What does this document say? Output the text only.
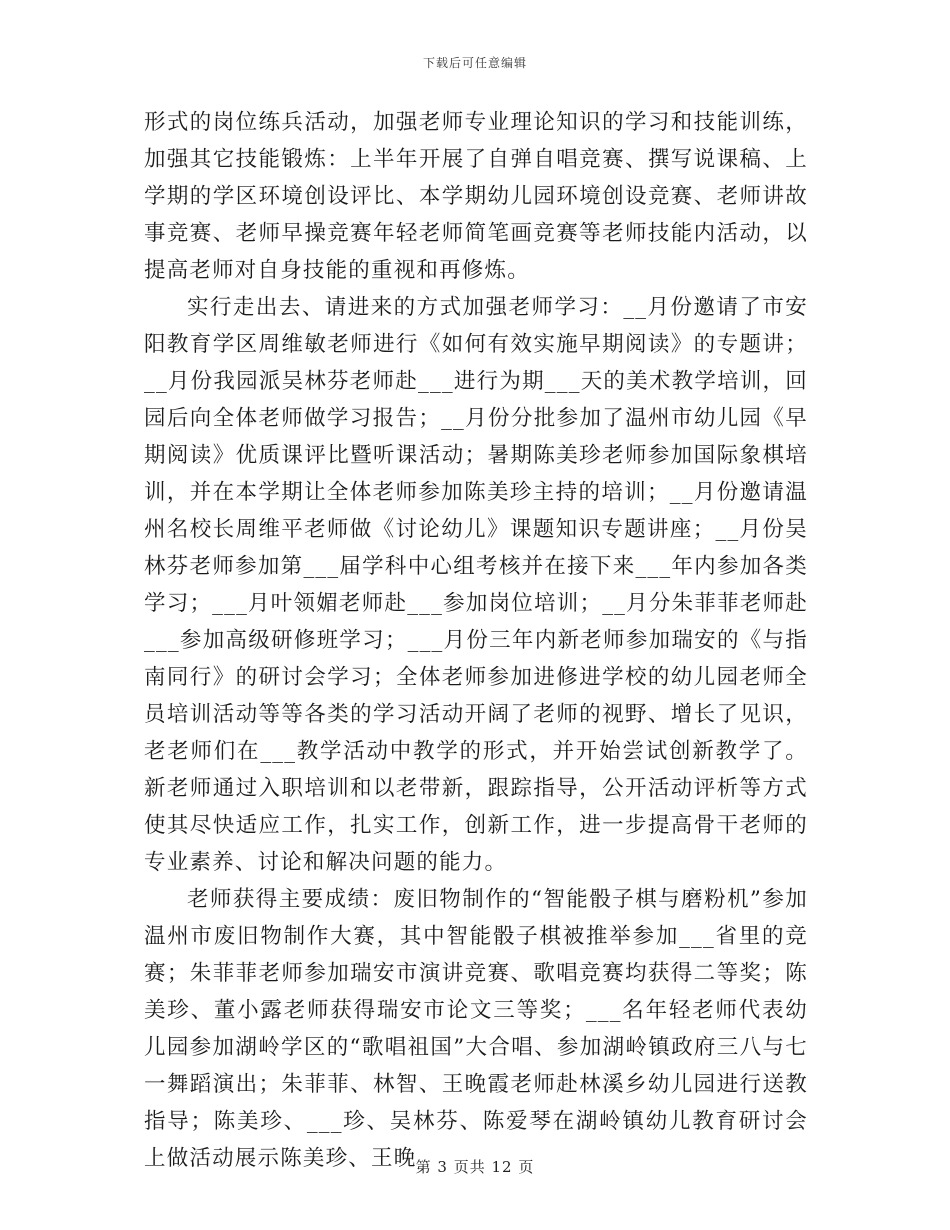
下载后可任意编辑

形式的岗位练兵活动，加强老师专业理论知识的学习和技能训练，加强其它技能锻炼：上半年开展了自弹自唱竞赛、撰写说课稿、上学期的学区环境创设评比、本学期幼儿园环境创设竞赛、老师讲故事竞赛、老师早操竞赛年轻老师简笔画竞赛等老师技能内活动，以提高老师对自身技能的重视和再修炼。

实行走出去、请进来的方式加强老师学习：__月份邀请了市安阳教育学区周维敏老师进行《如何有效实施早期阅读》的专题讲；__月份我园派吴林芬老师赴___进行为期___天的美术教学培训，回园后向全体老师做学习报告；__月份分批参加了温州市幼儿园《早期阅读》优质课评比暨听课活动；暑期陈美珍老师参加国际象棋培训，并在本学期让全体老师参加陈美珍主持的培训；__月份邀请温州名校长周维平老师做《讨论幼儿》课题知识专题讲座；__月份吴林芬老师参加第___届学科中心组考核并在接下来___年内参加各类学习；___月叶领媚老师赴___参加岗位培训；__月分朱菲菲老师赴___参加高级研修班学习；___月份三年内新老师参加瑞安的《与指南同行》的研讨会学习；全体老师参加进修进学校的幼儿园老师全员培训活动等等各类的学习活动开阔了老师的视野、增长了见识，老老师们在___教学活动中教学的形式，并开始尝试创新教学了。新老师通过入职培训和以老带新，跟踪指导，公开活动评析等方式使其尽快适应工作，扎实工作，创新工作，进一步提高骨干老师的专业素养、讨论和解决问题的能力。

老师获得主要成绩：废旧物制作的“智能骰子棋与磨粉机”参加温州市废旧物制作大赛，其中智能骰子棋被推举参加___省里的竞赛；朱菲菲老师参加瑞安市演讲竞赛、歌唱竞赛均获得二等奖；陈美珍、董小露老师获得瑞安市论文三等奖；___名年轻老师代表幼儿园参加湖岭学区的“歌唱祖国”大合唱、参加湖岭镇政府三八与七一舞蹈演出；朱菲菲、林智、王晚霞老师赴林溪乡幼儿园进行送教指导；陈美珍、___珍、吴林芬、陈爱琴在湖岭镇幼儿教育研讨会上做活动展示陈美珍、王晚 第 3 页共 12 页
